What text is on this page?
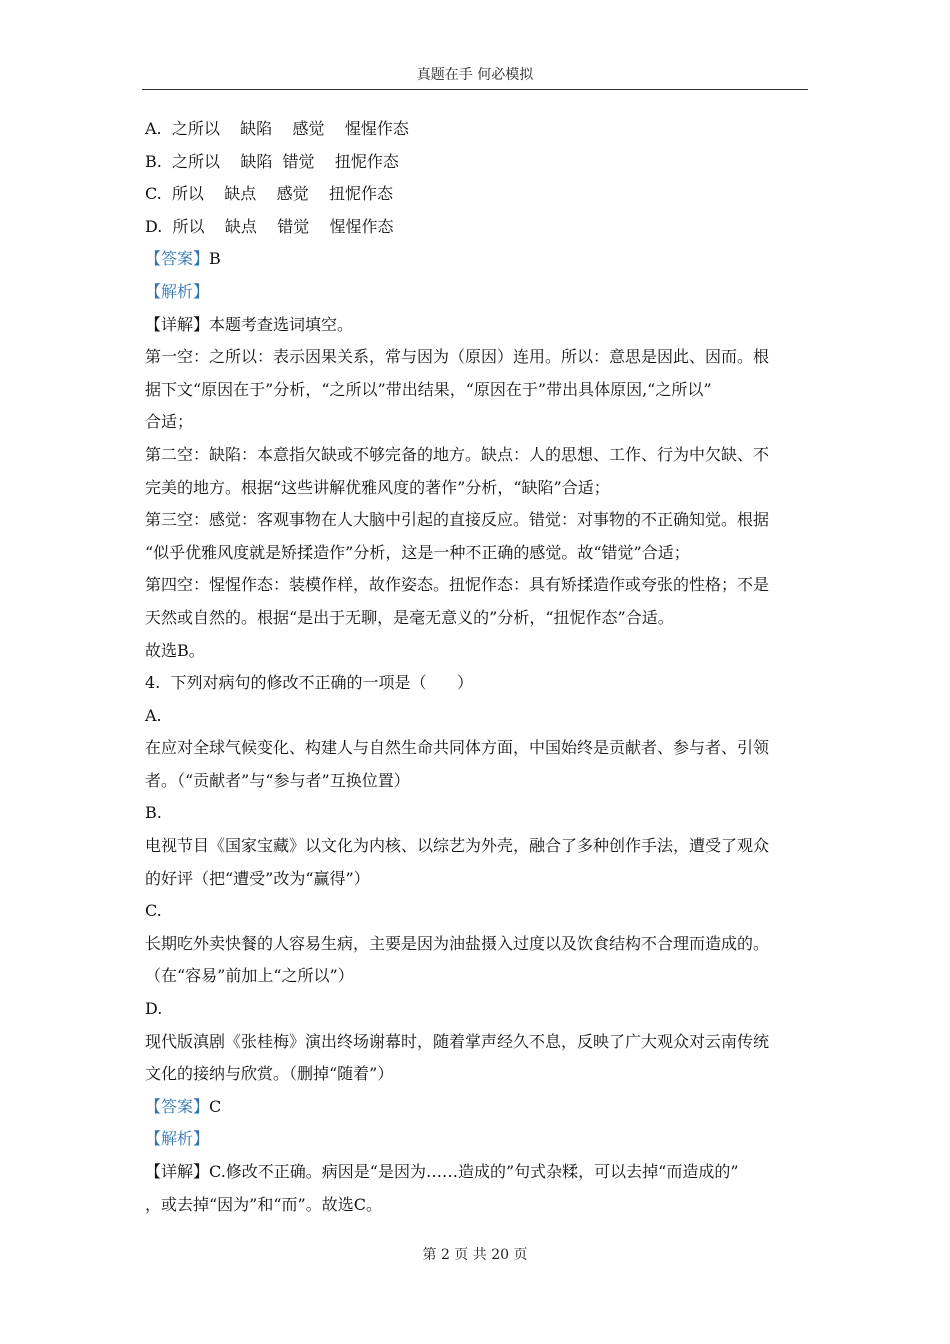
真题在手 何必模拟
A.  之所以    缺陷    感觉    惺惺作态
B.  之所以    缺陷  错觉    扭怩作态
C.  所以    缺点    感觉    扭怩作态
D.  所以    缺点    错觉    惺惺作态
【答案】B
【解析】
【详解】本题考查选词填空。
第一空：之所以：表示因果关系，常与因为（原因）连用。所以：意思是因此、因而。根
据下文“原因在于”分析，“之所以”带出结果，“原因在于”带出具体原因,“之所以”
合适；
第二空：缺陷：本意指欠缺或不够完备的地方。缺点：人的思想、工作、行为中欠缺、不
完美的地方。根据“这些讲解优雅风度的著作”分析，“缺陷”合适；
第三空：感觉：客观事物在人大脑中引起的直接反应。错觉：对事物的不正确知觉。根据
“似乎优雅风度就是矫揉造作”分析，这是一种不正确的感觉。故“错觉”合适；
第四空：惺惺作态：装模作样，故作姿态。扭怩作态：具有矫揉造作或夸张的性格；不是
天然或自然的。根据“是出于无聊，是毫无意义的”分析，“扭怩作态”合适。
故选B。
4.  下列对病句的修改不正确的一项是（      ）
A.
在应对全球气候变化、构建人与自然生命共同体方面，中国始终是贡献者、参与者、引领
者。（“贡献者”与“参与者”互换位置）
B.
电视节目《国家宝藏》以文化为内核、以综艺为外壳，融合了多种创作手法，遭受了观众
的好评（把“遭受”改为“赢得”）
C.
长期吃外卖快餐的人容易生病，主要是因为油盐摄入过度以及饮食结构不合理而造成的。
（在“容易”前加上“之所以”）
D.
现代版滇剧《张桂梅》演出终场谢幕时，随着掌声经久不息，反映了广大观众对云南传统
文化的接纳与欣赏。（删掉“随着”）
【答案】C
【解析】
【详解】C.修改不正确。病因是“是因为……造成的”句式杂糅，可以去掉“而造成的”
，或去掉“因为”和“而”。故选C。
第 2 页 共 20 页
